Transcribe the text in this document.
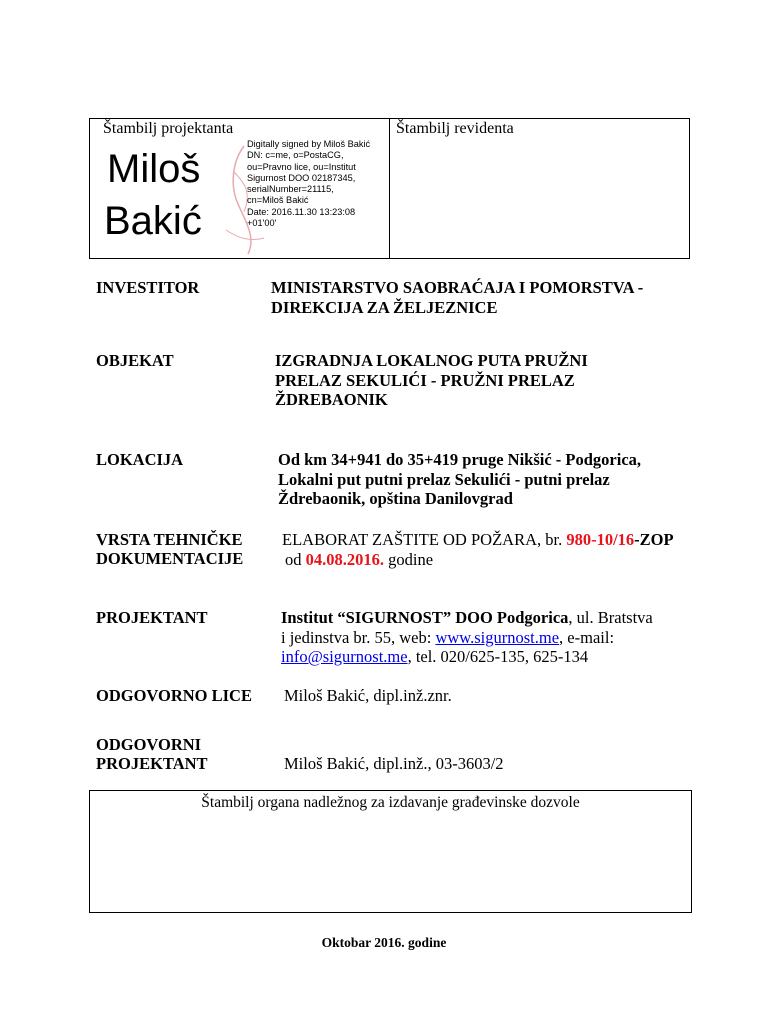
Štambilj projektanta	Štambilj revidenta
Miloš
Bakić
Digitally signed by Miloš Bakić
DN: c=me, o=PostaCG,
ou=Pravno lice, ou=Institut
Sigurnost DOO 02187345,
serialNumber=21115,
cn=Miloš Bakić
Date: 2016.11.30 13:23:08
+01'00'
INVESTITOR	MINISTARSTVO SAOBRAĆAJA I POMORSTVA -
DIREKCIJA ZA ŽELJEZNICE
OBJEKAT	IZGRADNJA LOKALNOG PUTA PRUŽNI
PRELAZ SEKULIĆI - PRUŽNI PRELAZ
ŽDREBAONIK
LOKACIJA	Od km 34+941 do 35+419 pruge Nikšić - Podgorica,
Lokalni put putni prelaz Sekulići - putni prelaz
Ždrebaonik, opština Danilovgrad
VRSTA TEHNIČKE
DOKUMENTACIJE
ELABORAT ZAŠTITE OD POŽARA, br. 980-10/16-ZOP
od 04.08.2016. godine
PROJEKTANT	Institut “SIGURNOST” DOO Podgorica, ul. Bratstva
i jedinstva br. 55, web: www.sigurnost.me, e-mail:
info@sigurnost.me, tel. 020/625-135, 625-134
ODGOVORNO LICE Miloš Bakić, dipl.inž.znr.
ODGOVORNI
PROJEKTANT	Miloš Bakić, dipl.inž., 03-3603/2
Štambilj organa nadležnog za izdavanje građevinske dozvole
Oktobar 2016. godine
